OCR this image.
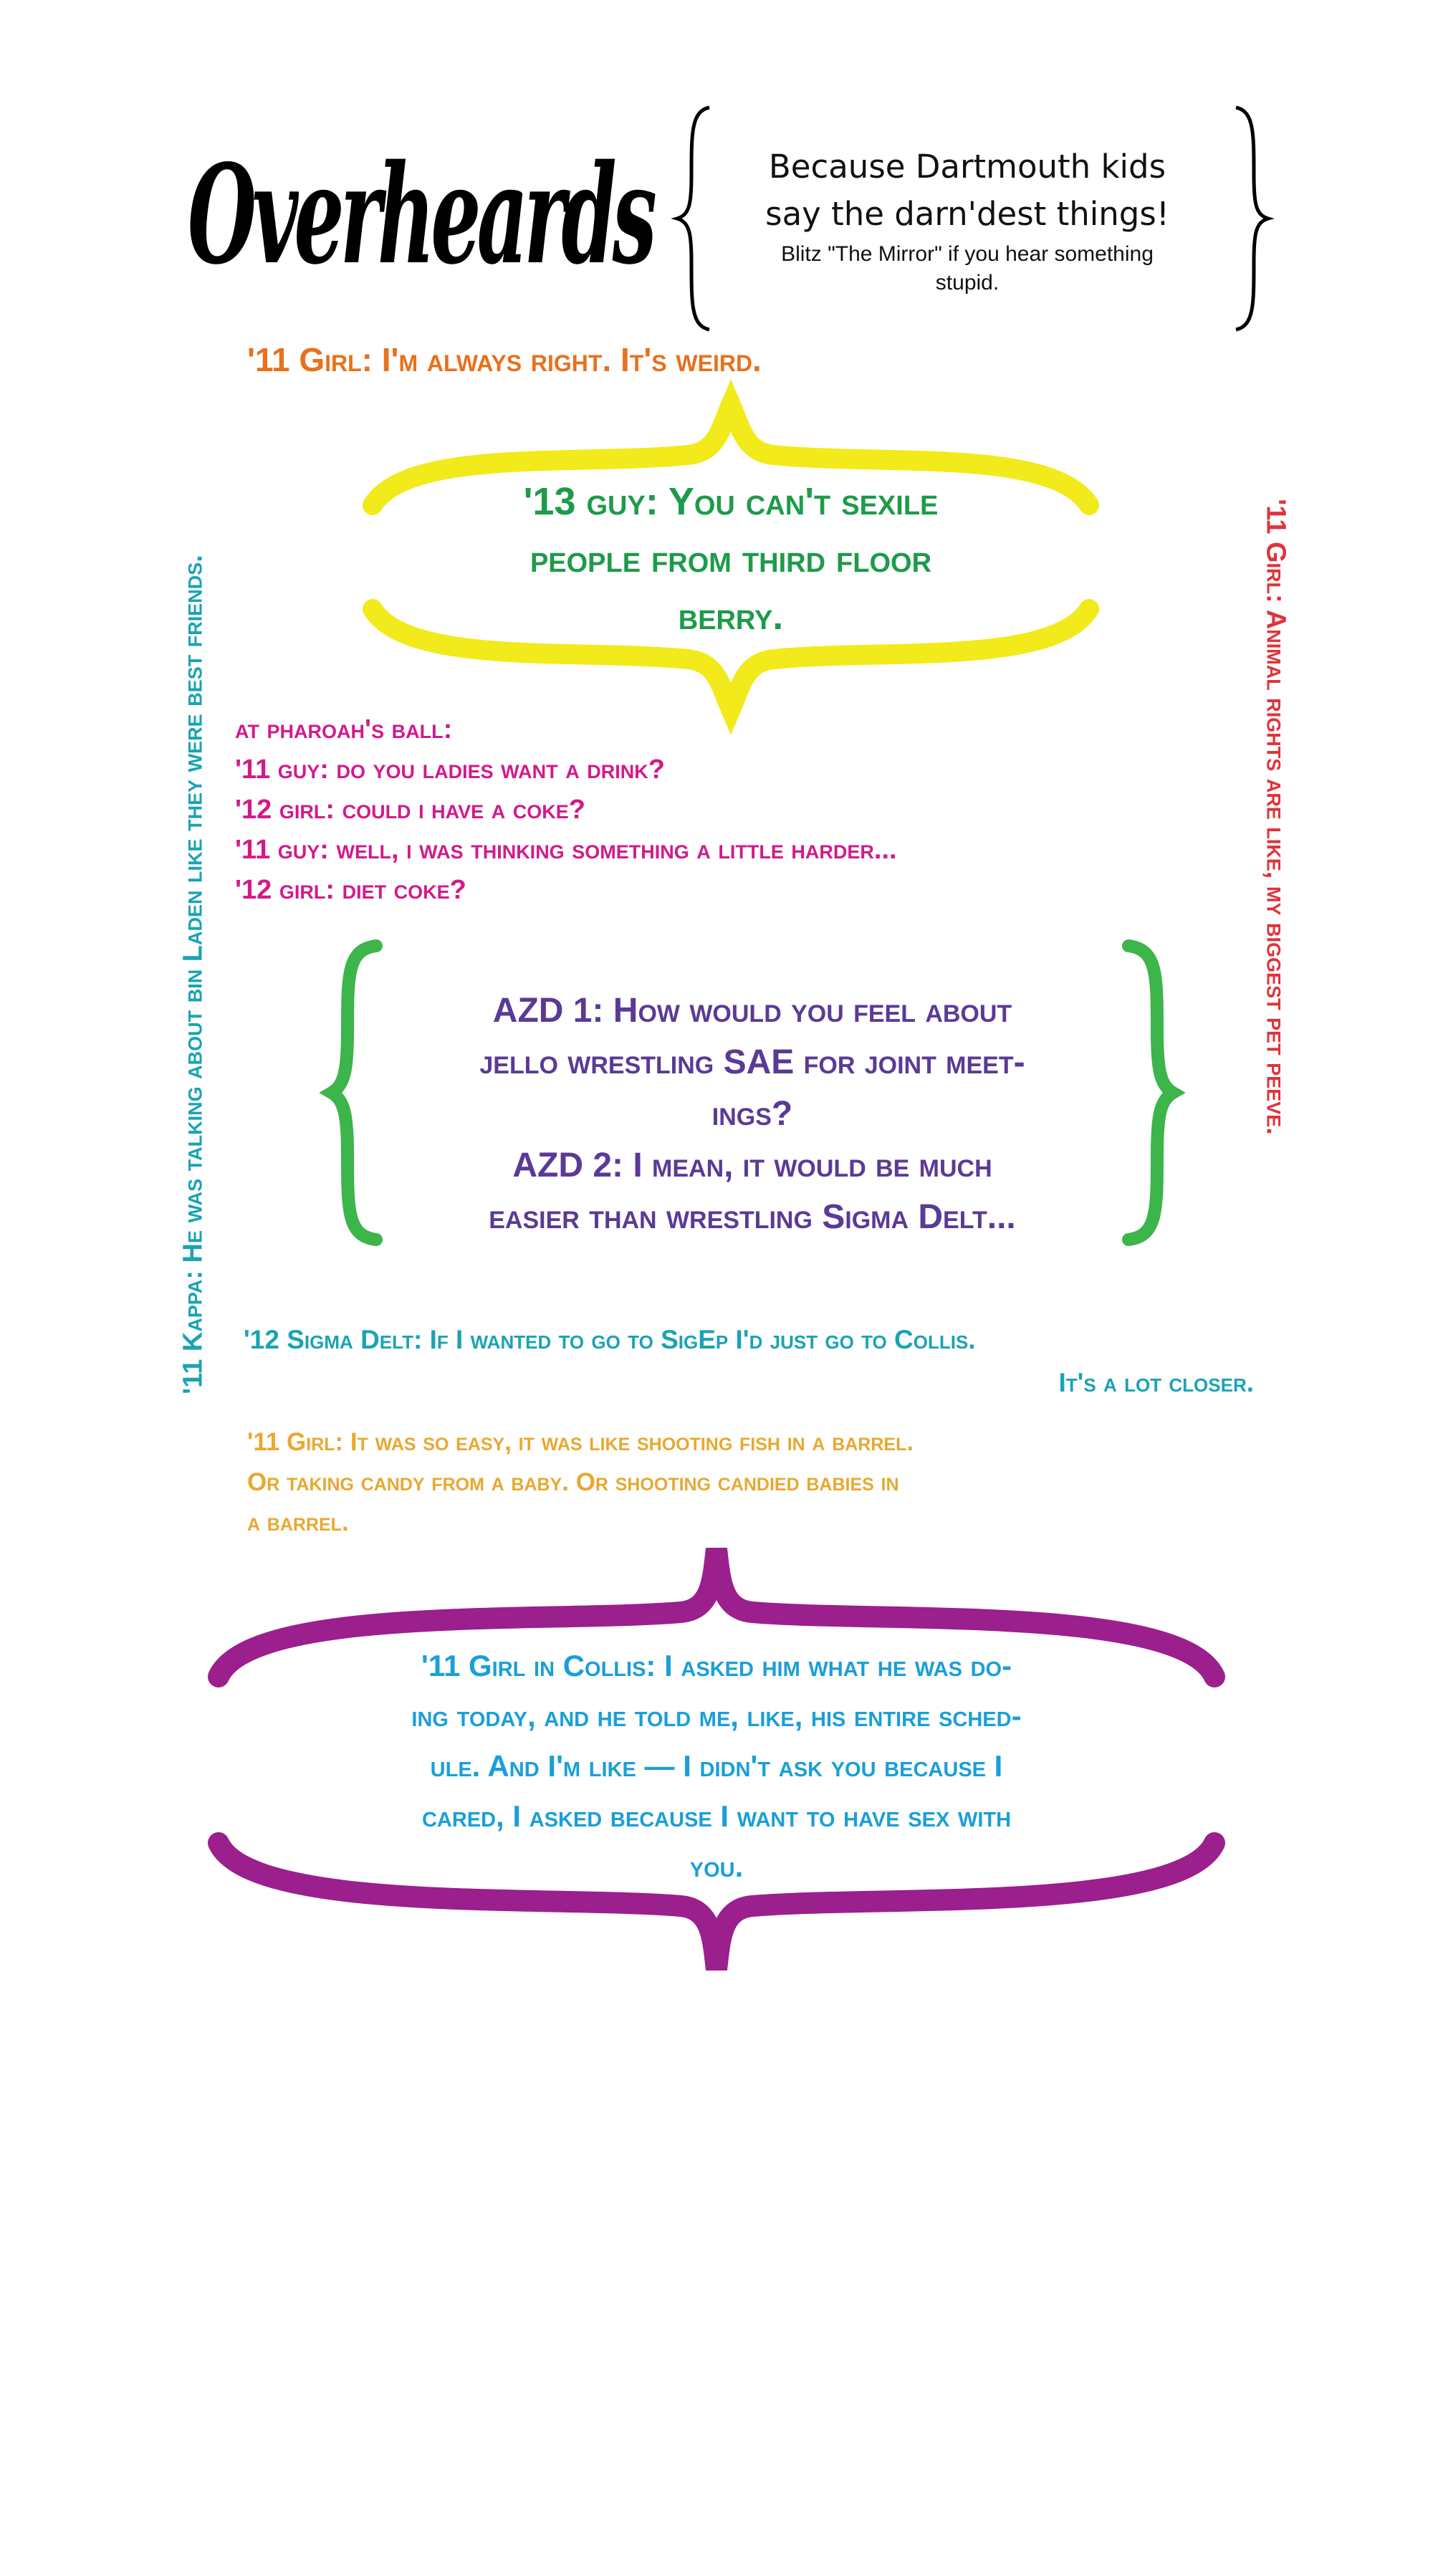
Overheards	Because Dartmouth kids
say the darn'dest things!
Blitz "The Mirror" if you hear something
stupid.
'11 Kappa: He was talking about bin Laden like they were best friends.	'11 Girl: Animal rights are like, my biggest pet peeve.
'11 Girl: I'm always right. It's weird.
'13 guy: You can't sexile
people from third floor
berry.
at pharoah's ball:
'11 guy: do you ladies want a drink?
'12 girl: could i have a coke?
'11 guy: well, i was thinking something a little harder...
'12 girl: diet coke?
AZD 1: How would you feel about
jello wrestling SAE for joint meet-
ings?
AZD 2: I mean, it would be much
easier than wrestling Sigma Delt...
'12 Sigma Delt: If I wanted to go to SigEp I'd just go to Collis.
It's a lot closer.
'11 Girl: It was so easy, it was like shooting fish in a barrel.
Or taking candy from a baby. Or shooting candied babies in
a barrel.
'11 Girl in Collis: I asked him what he was do-
ing today, and he told me, like, his entire sched-
ule. And I'm like — I didn't ask you because I
cared, I asked because I want to have sex with
you.
